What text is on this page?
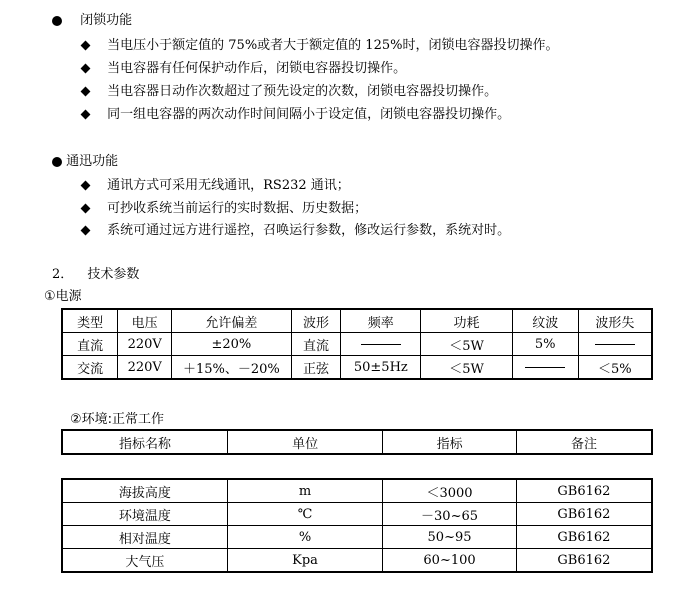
闭锁功能
当电压小于额定值的 75%或者大于额定值的 125%时，闭锁电容器投切操作。
当电容器有任何保护动作后，闭锁电容器投切操作。
当电容器日动作次数超过了预先设定的次数，闭锁电容器投切操作。
同一组电容器的两次动作时间间隔小于设定值，闭锁电容器投切操作。
通迅功能
通讯方式可采用无线通讯，RS232 通讯；
可抄收系统当前运行的实时数据、历史数据；
系统可通过远方进行遥控，召唤运行参数，修改运行参数，系统对时。
2． 技术参数
①电源
类型	电压	允许偏差	波形	频率	功耗	纹波	波形失
直流	220V	±20%	直流		＜5W	5%	
交流	220V	＋15%、－20%	正弦	50±5Hz	＜5W		＜5%
②环境:正常工作
指标名称	单位	指标	备注
海拔高度	m	＜3000	GB6162
环境温度	℃	－30~65	GB6162
相对温度	%	50~95	GB6162
大气压	Kpa	60~100	GB6162
